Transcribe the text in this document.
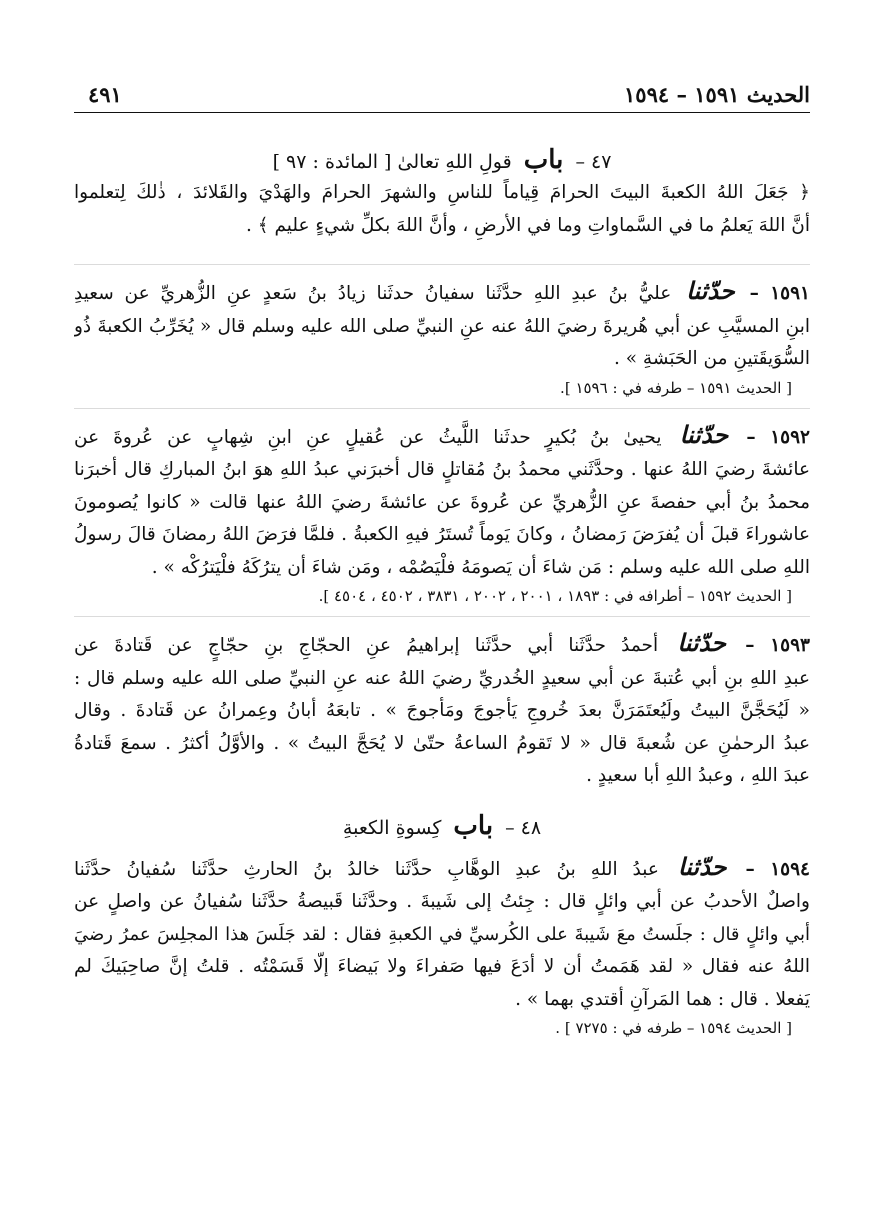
الحديث ١٥٩١ – ١٥٩٤
٤٩١
٤٧ – باب قولِ اللهِ تعالىٰ [ المائدة : ٩٧ ]

﴿ جَعَلَ اللهُ الكعبةَ البيتَ الحرامَ قِياماً للناسِ والشهرَ الحرامَ والهَدْيَ والقَلائدَ ، ذٰلكَ لِتعلموا
أنَّ اللهَ يَعلمُ ما في السَّماواتِ وما في الأرضِ ، وأنَّ اللهَ بكلِّ شيءٍ عليم ﴾ .

١٥٩١ – حدّثنا عليُّ بنُ عبدِ اللهِ حدَّثَنا سفيانُ حدثَنا زيادُ بنُ سَعدٍ عنِ الزُّهريِّ عن سعيدِ
ابنِ المسيَّبِ عن أبي هُريرةَ رضيَ اللهُ عنه عنِ النبيِّ صلى الله عليه وسلم قال « يُخَرِّبُ الكعبةَ ذُو
السُّوَيقَتينِ من الحَبَشةِ » .

[ الحديث ١٥٩١ – طرفه في : ١٥٩٦ ].

١٥٩٢ – حدّثنا يحيىٰ بنُ بُكيرٍ حدثَنا اللَّيثُ عن عُقيلٍ عنِ ابنِ شِهابٍ عن عُروةَ عن
عائشةَ رضيَ اللهُ عنها . وحدَّثَني محمدُ بنُ مُقاتلٍ قال أخبرَني عبدُ اللهِ هوَ ابنُ المباركِ قال أخبرَنا
محمدُ بنُ أبي حفصةَ عنِ الزُّهريِّ عن عُروةَ عن عائشةَ رضيَ اللهُ عنها قالت « كانوا يُصومونَ
عاشوراءَ قبلَ أن يُفرَضَ رَمضانُ ، وكانَ يَوماً تُستَرُ فيهِ الكعبةُ . فلمَّا فرَضَ اللهُ رمضانَ قالَ رسولُ
اللهِ صلى الله عليه وسلم : مَن شاءَ أن يَصومَهُ فلْيَصُمْه ، ومَن شاءَ أن يترُكَهُ فلْيَترُكْه » .

[ الحديث ١٥٩٢ – أطرافه في : ١٨٩٣ ، ٢٠٠١ ، ٢٠٠٢ ، ٣٨٣١ ، ٤٥٠٢ ، ٤٥٠٤ ].

١٥٩٣ – حدّثنا أحمدُ حدَّثَنا أبي حدَّثَنا إبراهيمُ عنِ الحجّاجِ بنِ حجّاجٍ عن قَتادةَ عن
عبدِ اللهِ بنِ أبي عُتبةَ عن أبي سعيدٍ الخُدريِّ رضيَ اللهُ عنه عنِ النبيِّ صلى الله عليه وسلم قال :
« لَيُحَجَّنَّ البيتُ ولَيُعتَمَرَنَّ بعدَ خُروجِ يَأجوجَ ومَأجوجَ » . تابعَهُ أبانُ وعِمرانُ عن قَتادةَ . وقال
عبدُ الرحمٰنِ عن شُعبةَ قال « لا تَقومُ الساعةُ حتّىٰ لا يُحَجَّ البيتُ » . والأوَّلُ أكثرُ . سمعَ قَتادةُ
عبدَ اللهِ ، وعبدُ اللهِ أبا سعيدٍ .

٤٨ – باب كِسوةِ الكعبةِ

١٥٩٤ – حدّثنا عبدُ اللهِ بنُ عبدِ الوهَّابِ حدَّثَنا خالدُ بنُ الحارثِ حدَّثَنا سُفيانُ حدَّثَنا
واصلٌ الأحدبُ عن أبي وائلٍ قال : جِئتُ إلى شَيبةَ . وحدَّثَنا قَبيصةُ حدَّثَنا سُفيانُ عن واصلٍ عن
أبي وائلٍ قال : جلَستُ معَ شَيبةَ على الكُرسيِّ في الكعبةِ فقال : لقد جَلَسَ هذا المجلِسَ عمرُ رضيَ
اللهُ عنه فقال « لقد هَمَمتُ أن لا أدَعَ فيها صَفراءَ ولا بَيضاءَ إلّا قَسَمْتُه . قلتُ إنَّ صاحِبَيكَ لم
يَفعلا . قال : هما المَرآنِ أقتدي بهما » .

[ الحديث ١٥٩٤ – طرفه في : ٧٢٧٥ ] .
